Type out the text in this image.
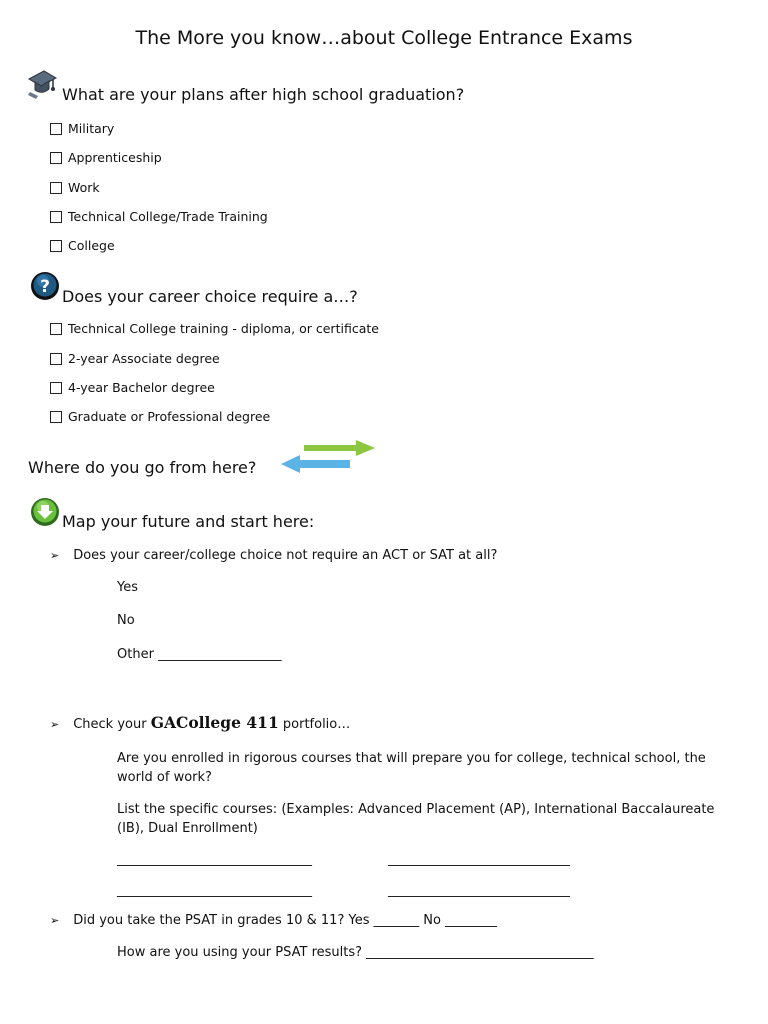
The More you know…about College Entrance Exams
What are your plans after high school graduation?
Military
Apprenticeship
Work
Technical College/Trade Training
College
? Does your career choice require a…?
Technical College training - diploma, or certificate
2-year Associate degree
4-year Bachelor degree
Graduate or Professional degree
Where do you go from here?
Map your future and start here:
➢ Does your career/college choice not require an ACT or SAT at all?
Yes
No
Other ___________________
➢ Check your GACollege 411 portfolio…
Are you enrolled in rigorous courses that will prepare you for college, technical school, the world of work?
List the specific courses: (Examples: Advanced Placement (AP), International Baccalaureate (IB), Dual Enrollment)
______________________________	____________________________
______________________________	____________________________
➢ Did you take the PSAT in grades 10 & 11? Yes _______ No ________
How are you using your PSAT results? ___________________________________
